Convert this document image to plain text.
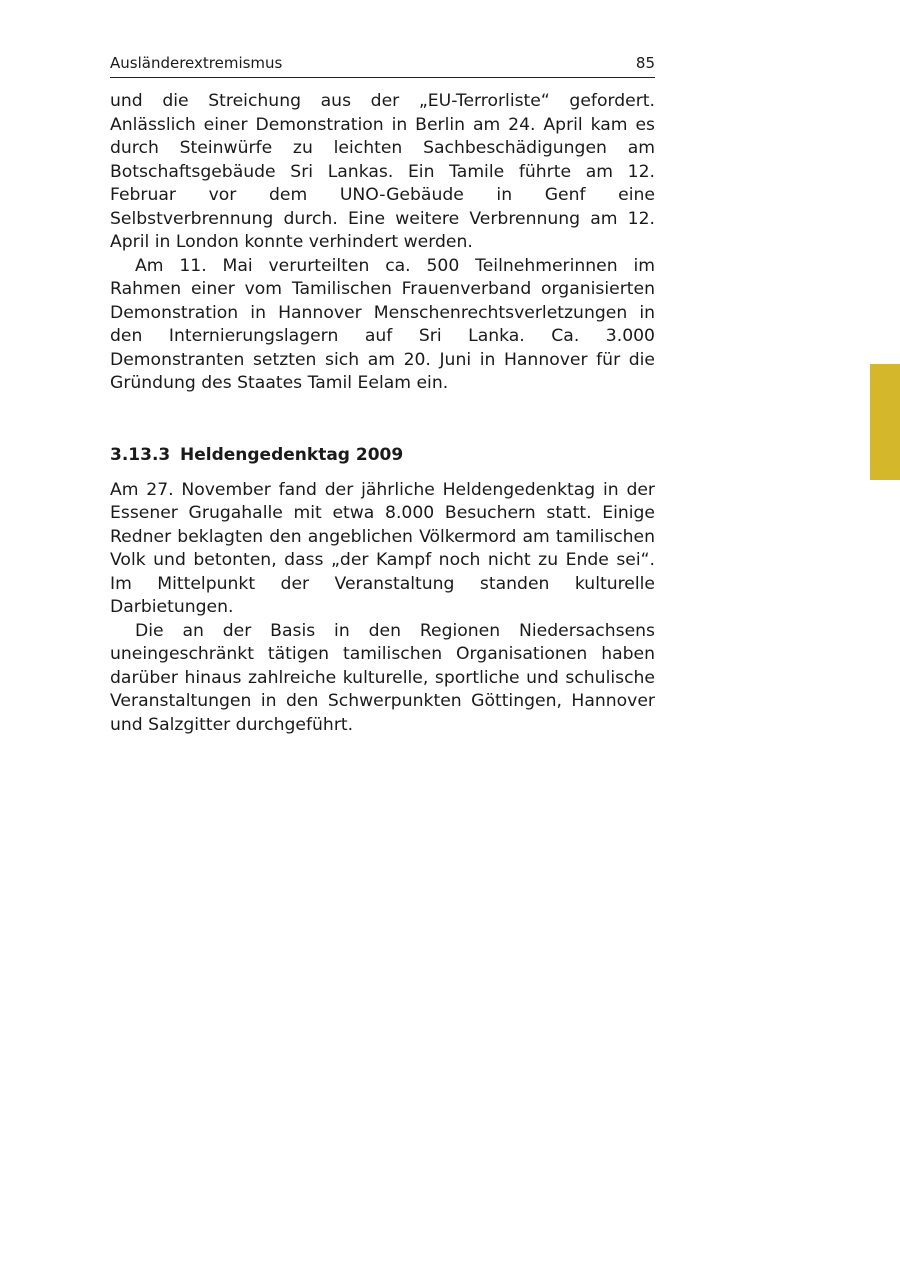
Ausländerextremismus	85

und die Streichung aus der „EU-Terrorliste“ gefordert. Anlässlich einer Demonstration in Berlin am 24. April kam es durch Steinwürfe zu leichten Sachbeschädigungen am Botschaftsgebäude Sri Lankas. Ein Tamile führte am 12. Februar vor dem UNO-Gebäude in Genf eine Selbstverbrennung durch. Eine weitere Verbrennung am 12. April in London konnte verhindert werden.

Am 11. Mai verurteilten ca. 500 Teilnehmerinnen im Rahmen einer vom Tamilischen Frauenverband organisierten Demonstration in Hannover Menschenrechtsverletzungen in den Internierungslagern auf Sri Lanka. Ca. 3.000 Demonstranten setzten sich am 20. Juni in Hannover für die Gründung des Staates Tamil Eelam ein.

3.13.3 Heldengedenktag 2009

Am 27. November fand der jährliche Heldengedenktag in der Essener Grugahalle mit etwa 8.000 Besuchern statt. Einige Redner beklagten den angeblichen Völkermord am tamilischen Volk und betonten, dass „der Kampf noch nicht zu Ende sei“. Im Mittelpunkt der Veranstaltung standen kulturelle Darbietungen.

Die an der Basis in den Regionen Niedersachsens uneingeschränkt tätigen tamilischen Organisationen haben darüber hinaus zahlreiche kulturelle, sportliche und schulische Veranstaltungen in den Schwerpunkten Göttingen, Hannover und Salzgitter durchgeführt.
